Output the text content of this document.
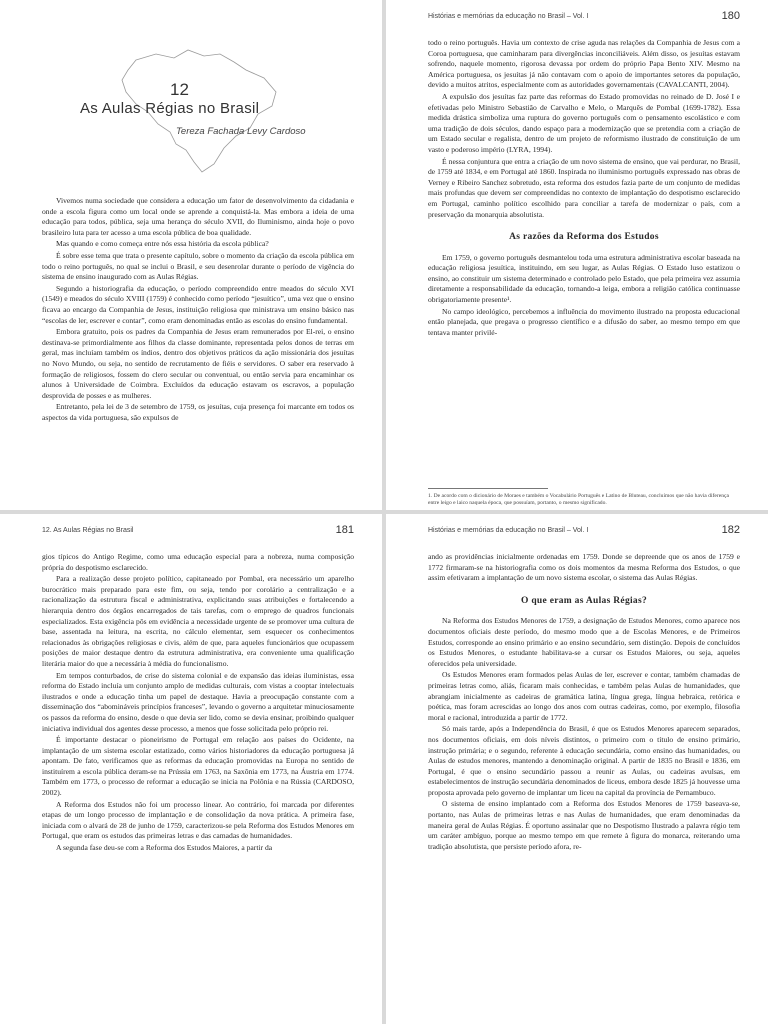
12
As Aulas Régias no Brasil
Tereza Fachada Levy Cardoso

Vivemos numa sociedade que considera a educação um fator de desenvolvimento da cidadania e onde a escola figura como um local onde se aprende a conquistá-la. Mas embora a ideia de uma educação para todos, pública, seja uma herança do século XVII, do Iluminismo, ainda hoje o povo brasileiro luta para ter acesso a uma escola pública de boa qualidade.

Mas quando e como começa entre nós essa história da escola pública?

É sobre esse tema que trata o presente capítulo, sobre o momento da criação da escola pública em todo o reino português, no qual se inclui o Brasil, e seu desenrolar durante o período de vigência do sistema de ensino inaugurado com as Aulas Régias.

Segundo a historiografia da educação, o período compreendido entre meados do século XVI (1549) e meados do século XVIII (1759) é conhecido como período “jesuítico”, uma vez que o ensino ficava ao encargo da Companhia de Jesus, instituição religiosa que ministrava um ensino básico nas “escolas de ler, escrever e contar”, como eram denominadas então as escolas do ensino fundamental.

Embora gratuito, pois os padres da Companhia de Jesus eram remunerados por El-rei, o ensino destinava-se primordialmente aos filhos da classe dominante, representada pelos donos de terras em geral, mas incluíam também os índios, dentro dos objetivos práticos da ação missionária dos jesuítas no Novo Mundo, ou seja, no sentido de recrutamento de fiéis e servidores. O saber era reservado à formação de religiosos, fossem do clero secular ou conventual, ou então servia para encaminhar os alunos à Universidade de Coimbra. Excluídos da educação estavam os escravos, a população desprovida de posses e as mulheres.

Entretanto, pela lei de 3 de setembro de 1759, os jesuítas, cuja presença foi marcante em todos os aspectos da vida portuguesa, são expulsos de

Histórias e memórias da educação no Brasil – Vol. I	180

todo o reino português. Havia um contexto de crise aguda nas relações da Companhia de Jesus com a Coroa portuguesa, que caminharam para divergências inconciliáveis. Além disso, os jesuítas estavam sofrendo, naquele momento, rigorosa devassa por ordem do próprio Papa Bento XIV. Mesmo na América portuguesa, os jesuítas já não contavam com o apoio de importantes setores da população, devido a muitos atritos, especialmente com as autoridades governamentais (CAVALCANTI, 2004).

A expulsão dos jesuítas faz parte das reformas do Estado promovidas no reinado de D. José I e efetivadas pelo Ministro Sebastião de Carvalho e Melo, o Marquês de Pombal (1699-1782). Essa medida drástica simboliza uma ruptura do governo português com o pensamento escolástico e com uma tradição de dois séculos, dando espaço para a modernização que se pretendia com a criação de um Estado secular e regalista, dentro de um projeto de reformismo ilustrado de constituição de um vasto e poderoso império (LYRA, 1994).

É nessa conjuntura que entra a criação de um novo sistema de ensino, que vai perdurar, no Brasil, de 1759 até 1834, e em Portugal até 1860. Inspirada no iluminismo português expressado nas obras de Verney e Ribeiro Sanchez sobretudo, esta reforma dos estudos fazia parte de um conjunto de medidas mais profundas que devem ser compreendidas no contexto de implantação do despotismo esclarecido em Portugal, caminho político escolhido para conciliar a tarefa de modernizar o país, com a preservação da monarquia absolutista.

As razões da Reforma dos Estudos

Em 1759, o governo português desmantelou toda uma estrutura administrativa escolar baseada na educação religiosa jesuítica, instituindo, em seu lugar, as Aulas Régias. O Estado luso estatizou o ensino, ao constituir um sistema determinado e controlado pelo Estado, que pela primeira vez assumia diretamente a responsabilidade da educação, tornando-a leiga, embora a religião católica continuasse obrigatoriamente presente¹.

No campo ideológico, percebemos a influência do movimento ilustrado na proposta educacional então planejada, que pregava o progresso científico e a difusão do saber, ao mesmo tempo em que tentava manter privilé-

1. De acordo com o dicionário de Moraes e também o Vocabulário Português e Latino de Bluteau, concluímos que não havia diferença entre leigo e laico naquela época, que possuíam, portanto, o mesmo significado.
12. As Aulas Régias no Brasil	181

gios típicos do Antigo Regime, como uma educação especial para a nobreza, numa composição própria do despotismo esclarecido.

Para a realização desse projeto político, capitaneado por Pombal, era necessário um aparelho burocrático mais preparado para este fim, ou seja, tendo por corolário a centralização e a racionalização da estrutura fiscal e administrativa, explicitando suas atribuições e fortalecendo a hierarquia dentro dos órgãos encarregados de tais tarefas, com o emprego de quadros funcionais especializados. Esta exigência pôs em evidência a necessidade urgente de se promover uma cultura de base, assentada na leitura, na escrita, no cálculo elementar, sem esquecer os conhecimentos relacionados às obrigações religiosas e civis, além de que, para aqueles funcionários que ocupassem posições de maior destaque dentro da estrutura administrativa, era conveniente uma qualificação literária maior do que a necessária à média do funcionalismo.

Em tempos conturbados, de crise do sistema colonial e de expansão das ideias iluministas, essa reforma do Estado incluía um conjunto amplo de medidas culturais, com vistas a cooptar intelectuais ilustrados e onde a educação tinha um papel de destaque. Havia a preocupação constante com a disseminação dos “abomináveis princípios franceses”, levando o governo a arquitetar minuciosamente os passos da reforma do ensino, desde o que devia ser lido, como se devia ensinar, proibindo qualquer iniciativa individual dos agentes desse processo, a menos que fosse solicitada pelo próprio rei.

É importante destacar o pioneirismo de Portugal em relação aos países do Ocidente, na implantação de um sistema escolar estatizado, como vários historiadores da educação portuguesa já apontam. De fato, verificamos que as reformas da educação promovidas na Europa no sentido de instituírem a escola pública deram-se na Prússia em 1763, na Saxônia em 1773, na Áustria em 1774. Também em 1773, o processo de reformar a educação se inicia na Polônia e na Rússia (CARDOSO, 2002).

A Reforma dos Estudos não foi um processo linear. Ao contrário, foi marcada por diferentes etapas de um longo processo de implantação e de consolidação da nova prática. A primeira fase, iniciada com o alvará de 28 de junho de 1759, caracterizou-se pela Reforma dos Estudos Menores em Portugal, que eram os estudos das primeiras letras e das camadas de humanidades.

A segunda fase deu-se com a Reforma dos Estudos Maiores, a partir da

Histórias e memórias da educação no Brasil – Vol. I	182

ando as providências inicialmente ordenadas em 1759. Donde se depreende que os anos de 1759 e 1772 firmaram-se na historiografia como os dois momentos da mesma Reforma dos Estudos, o que assim efetivaram a implantação de um novo sistema escolar, o sistema das Aulas Régias.

O que eram as Aulas Régias?

Na Reforma dos Estudos Menores de 1759, a designação de Estudos Menores, como aparece nos documentos oficiais deste período, do mesmo modo que a de Escolas Menores, e de Primeiros Estudos, corresponde ao ensino primário e ao ensino secundário, sem distinção. Depois de concluídos os Estudos Menores, o estudante habilitava-se a cursar os Estudos Maiores, ou seja, aqueles oferecidos pela universidade.

Os Estudos Menores eram formados pelas Aulas de ler, escrever e contar, também chamadas de primeiras letras como, aliás, ficaram mais conhecidas, e também pelas Aulas de humanidades, que abrangiam inicialmente as cadeiras de gramática latina, língua grega, língua hebraica, retórica e poética, mas foram acrescidas ao longo dos anos com outras cadeiras, como, por exemplo, filosofia moral e racional, introduzida a partir de 1772.

Só mais tarde, após a Independência do Brasil, é que os Estudos Menores aparecem separados, nos documentos oficiais, em dois níveis distintos, o primeiro com o título de ensino primário, instrução primária; e o segundo, referente à educação secundária, como ensino das humanidades, ou Aulas de estudos menores, mantendo a denominação original. A partir de 1835 no Brasil e 1836, em Portugal, é que o ensino secundário passou a reunir as Aulas, ou cadeiras avulsas, em estabelecimentos de instrução secundária denominados de liceus, embora desde 1825 já houvesse uma proposta aprovada pelo governo de implantar um liceu na capital da província de Pernambuco.

O sistema de ensino implantado com a Reforma dos Estudos Menores de 1759 baseava-se, portanto, nas Aulas de primeiras letras e nas Aulas de humanidades, que eram denominadas da maneira geral de Aulas Régias. É oportuno assinalar que no Despotismo Ilustrado a palavra régio tem um caráter ambíguo, porque ao mesmo tempo em que remete à figura do monarca, reiterando uma tradição absolutista, que persiste período afora, re-
